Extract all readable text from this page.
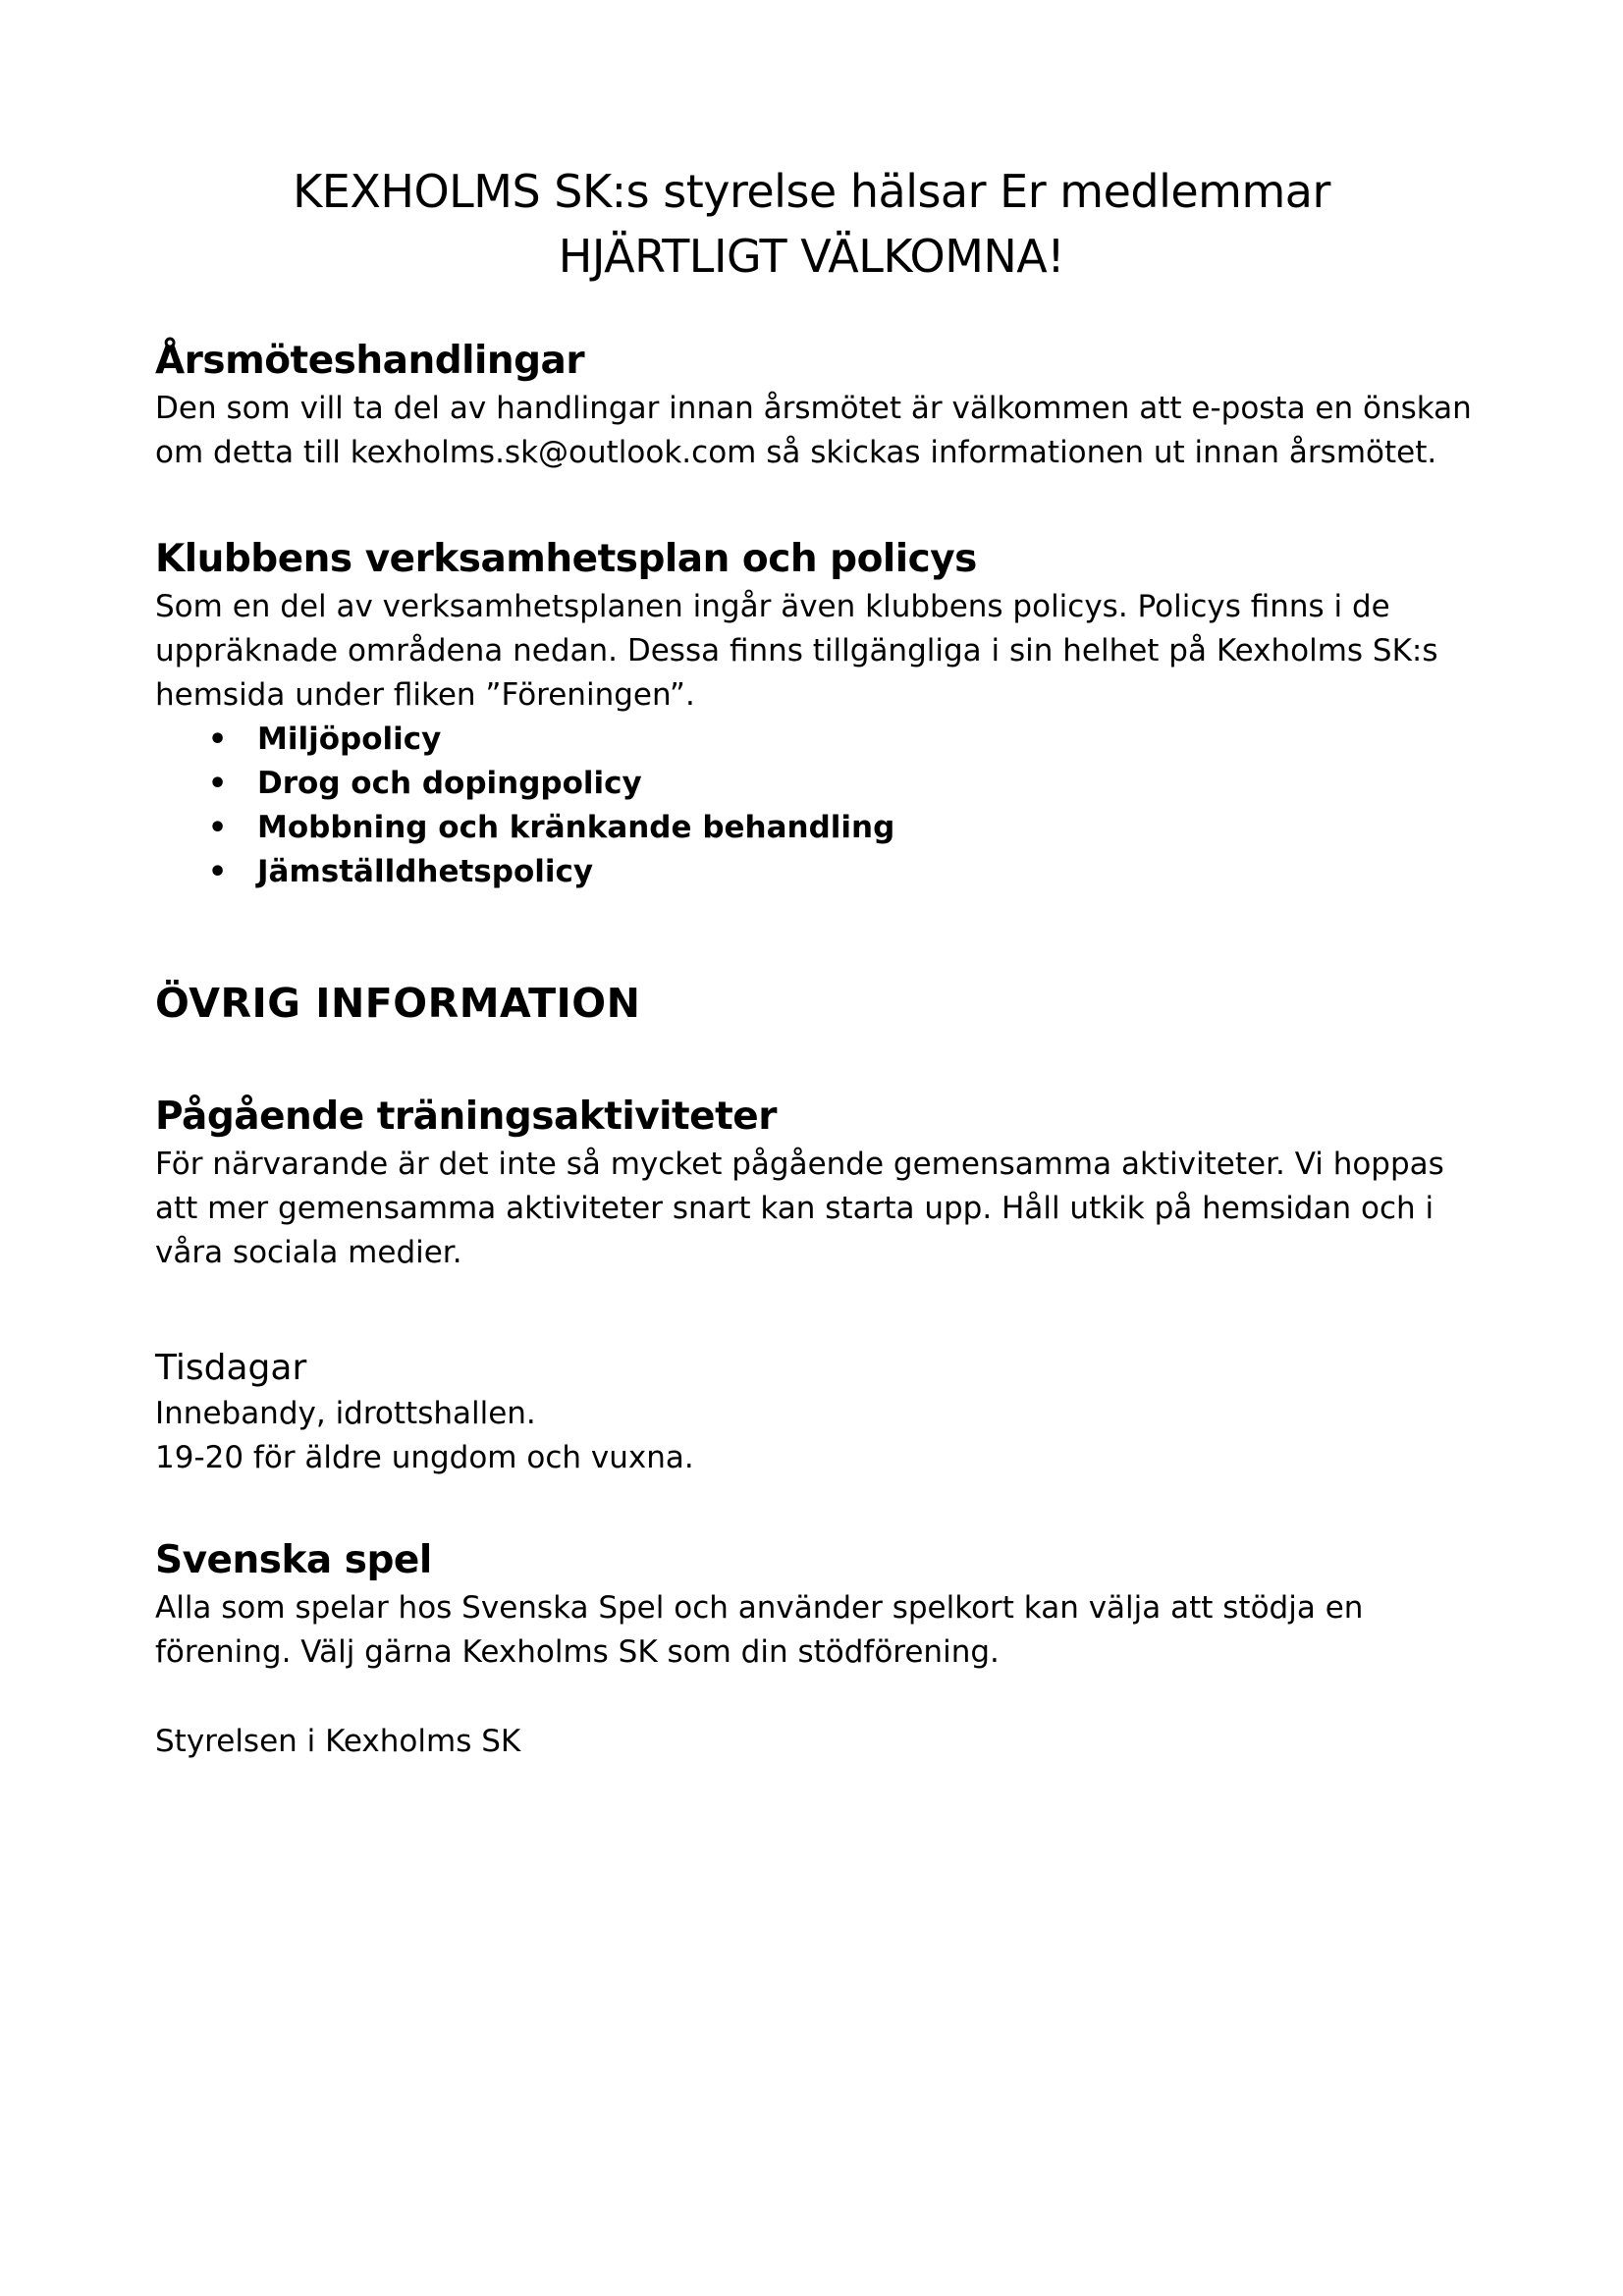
KEXHOLMS SK:s styrelse hälsar Er medlemmar
HJÄRTLIGT VÄLKOMNA!
Årsmöteshandlingar

Den som vill ta del av handlingar innan årsmötet är välkommen att e-posta en önskan
om detta till kexholms.sk@outlook.com så skickas informationen ut innan årsmötet.

Klubbens verksamhetsplan och policys

Som en del av verksamhetsplanen ingår även klubbens policys. Policys finns i de
uppräknade områdena nedan. Dessa finns tillgängliga i sin helhet på Kexholms SK:s
hemsida under fliken ”Föreningen”.

• Miljöpolicy
• Drog och dopingpolicy
• Mobbning och kränkande behandling
• Jämställdhetspolicy
ÖVRIG INFORMATION
Pågående träningsaktiviteter

För närvarande är det inte så mycket pågående gemensamma aktiviteter. Vi hoppas
att mer gemensamma aktiviteter snart kan starta upp. Håll utkik på hemsidan och i
våra sociala medier.

Tisdagar

Innebandy, idrottshallen.

19-20 för äldre ungdom och vuxna.

Svenska spel

Alla som spelar hos Svenska Spel och använder spelkort kan välja att stödja en
förening. Välj gärna Kexholms SK som din stödförening.

Styrelsen i Kexholms SK
